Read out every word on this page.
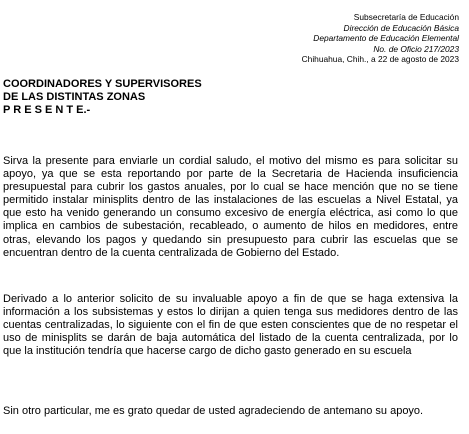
Subsecretaría de Educación
Dirección de Educación Básica
Departamento de Educación Elemental
No. de Oficio 217/2023
Chihuahua, Chih., a 22 de agosto de 2023
COORDINADORES Y SUPERVISORES
DE LAS DISTINTAS ZONAS
P R E S E N T E.-
Sirva la presente para enviarle un cordial saludo, el motivo del mismo es para solicitar su apoyo, ya que se esta reportando por parte de la Secretaria de Hacienda insuficiencia presupuestal para cubrir los gastos anuales, por lo cual se hace mención que no se tiene permitido instalar minisplits dentro de las instalaciones de las escuelas a Nivel Estatal, ya que esto ha venido generando un consumo excesivo de energía eléctrica, asi como lo que implica en cambios de subestación, recableado, o aumento de hilos en medidores, entre otras, elevando los pagos y quedando sin presupuesto para cubrir las escuelas que se encuentran dentro de la cuenta centralizada de Gobierno del Estado.
Derivado a lo anterior solicito de su invaluable apoyo a fin de que se haga extensiva la información a los subsistemas y estos lo dirijan a quien tenga sus medidores dentro de las cuentas centralizadas, lo siguiente con el fin de que esten conscientes que de no respetar el uso de minisplits se darán de baja automática del listado de la cuenta centralizada, por lo que la institución tendría que hacerse cargo de dicho gasto generado en su escuela
Sin otro particular, me es grato quedar de usted agradeciendo de antemano su apoyo.
